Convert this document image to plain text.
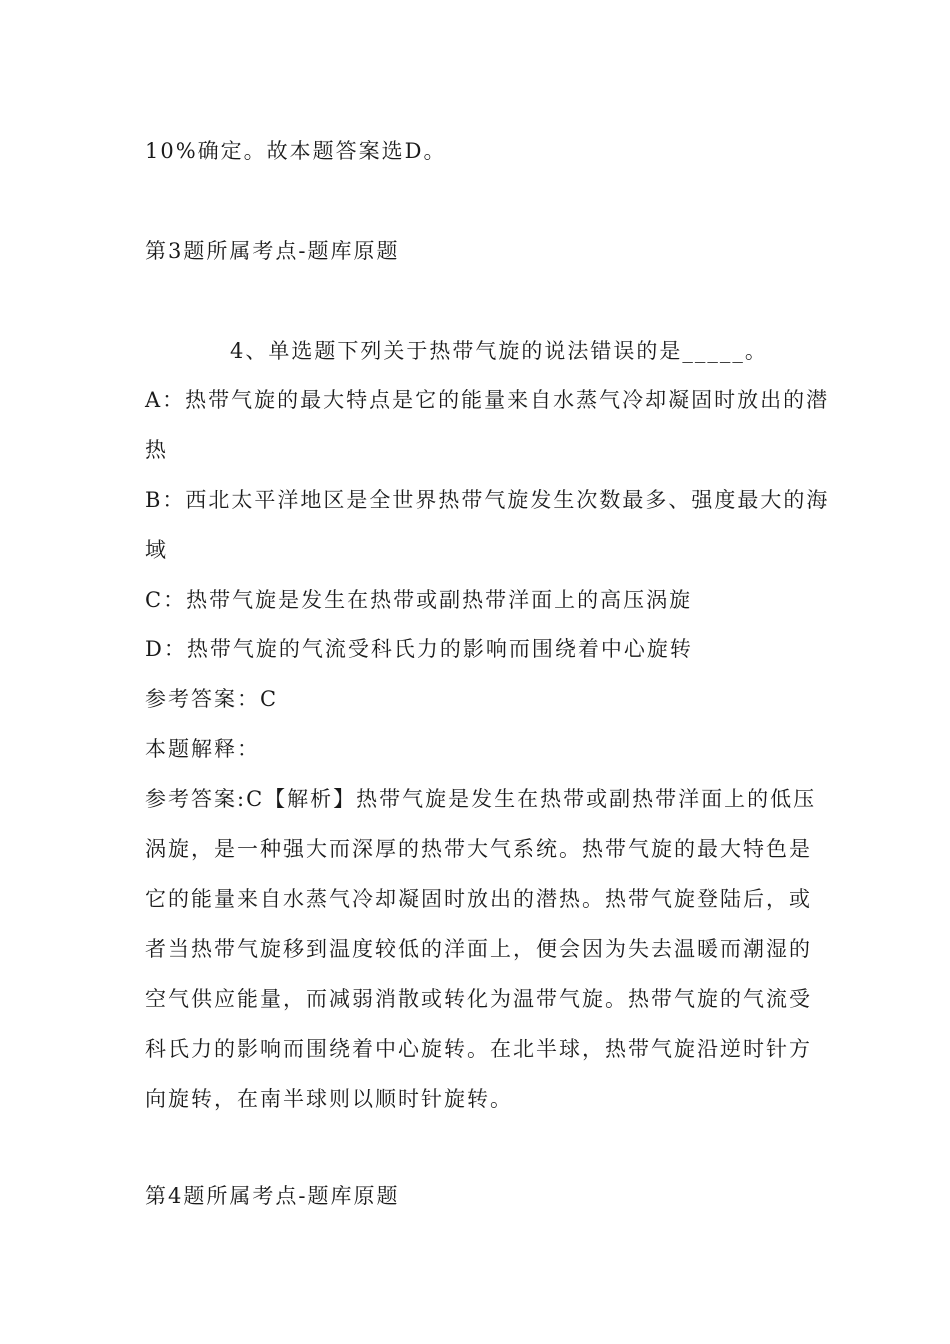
10%确定。故本题答案选D。
第3题所属考点-题库原题
4、单选题下列关于热带气旋的说法错误的是_____。
A：热带气旋的最大特点是它的能量来自水蒸气冷却凝固时放出的潜
热
B：西北太平洋地区是全世界热带气旋发生次数最多、强度最大的海
域
C：热带气旋是发生在热带或副热带洋面上的高压涡旋
D：热带气旋的气流受科氏力的影响而围绕着中心旋转
参考答案：C
本题解释：
参考答案:C【解析】热带气旋是发生在热带或副热带洋面上的低压
涡旋，是一种强大而深厚的热带大气系统。热带气旋的最大特色是
它的能量来自水蒸气冷却凝固时放出的潜热。热带气旋登陆后，或
者当热带气旋移到温度较低的洋面上，便会因为失去温暖而潮湿的
空气供应能量，而减弱消散或转化为温带气旋。热带气旋的气流受
科氏力的影响而围绕着中心旋转。在北半球，热带气旋沿逆时针方
向旋转，在南半球则以顺时针旋转。
第4题所属考点-题库原题
